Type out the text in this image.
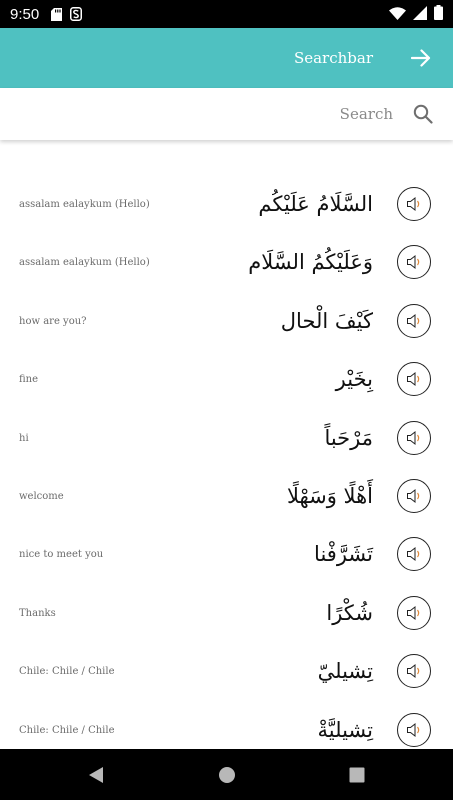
9:50
Searchbar
Search
assalam ealaykum (Hello)	السَّلَامُ عَلَيْكُم
assalam ealaykum (Hello)	وَعَلَيْكُمُ السَّلَام
how are you?	كَيْفَ الْحال
fine	بِخَيْر
hi	مَرْحَباً
welcome	أَهْلًا وَسَهْلًا
nice to meet you	تَشَرَّفْنا
Thanks	شُكْرًا
Chile: Chile / Chile	تِشيليّ
Chile: Chile / Chile	تِشيليَّةْ
